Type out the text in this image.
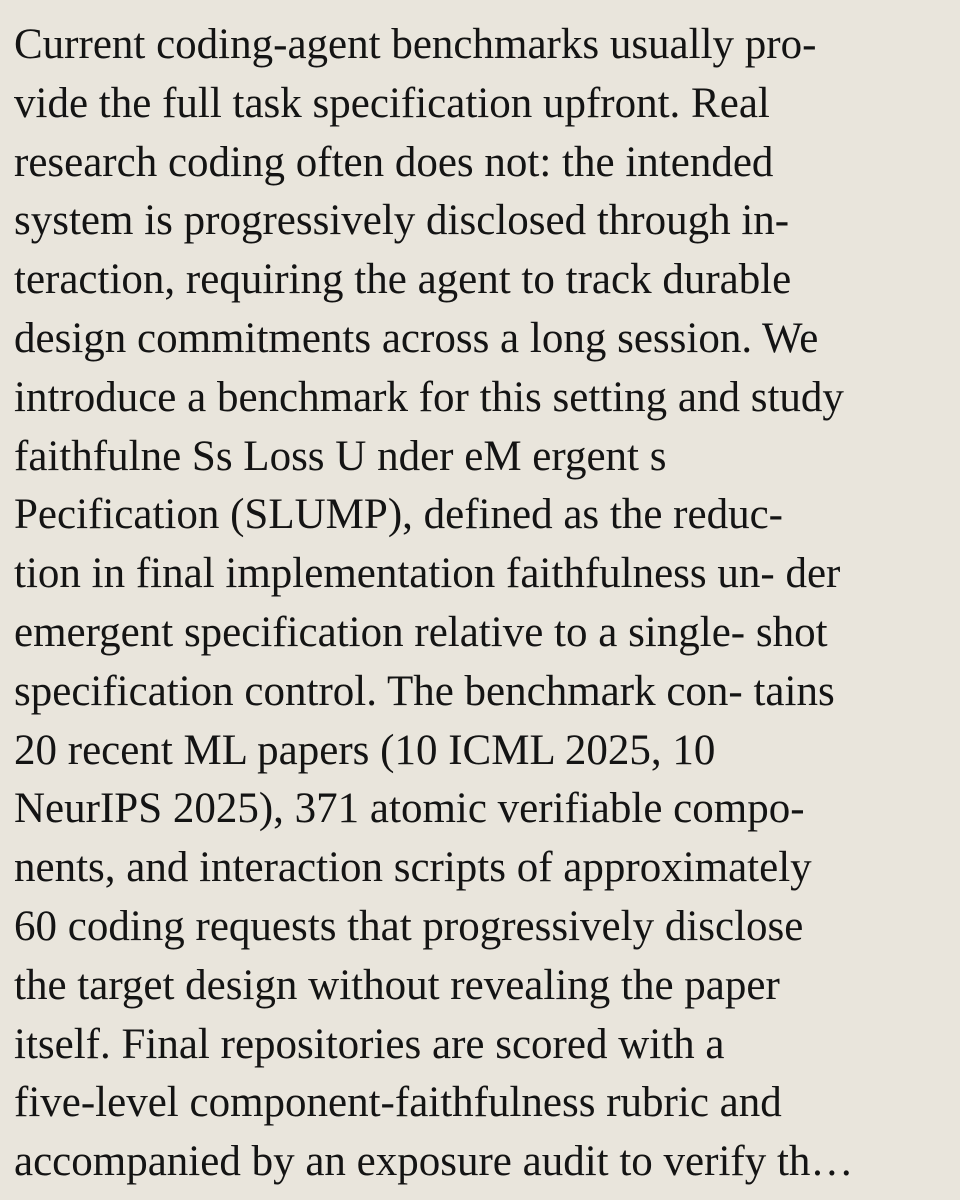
Current coding-agent benchmarks usually pro-
vide the full task specification upfront. Real
research coding often does not: the intended
system is progressively disclosed through in-
teraction, requiring the agent to track durable
design commitments across a long session. We
introduce a benchmark for this setting and study
faithfulne Ss Loss U nder eM ergent s
Pecification (SLUMP), defined as the reduc-
tion in final implementation faithfulness un- der
emergent specification relative to a single- shot
specification control. The benchmark con- tains
20 recent ML papers (10 ICML 2025, 10
NeurIPS 2025), 371 atomic verifiable compo-
nents, and interaction scripts of approximately
60 coding requests that progressively disclose
the target design without revealing the paper
itself. Final repositories are scored with a
five-level component-faithfulness rubric and
accompanied by an exposure audit to verify th…
